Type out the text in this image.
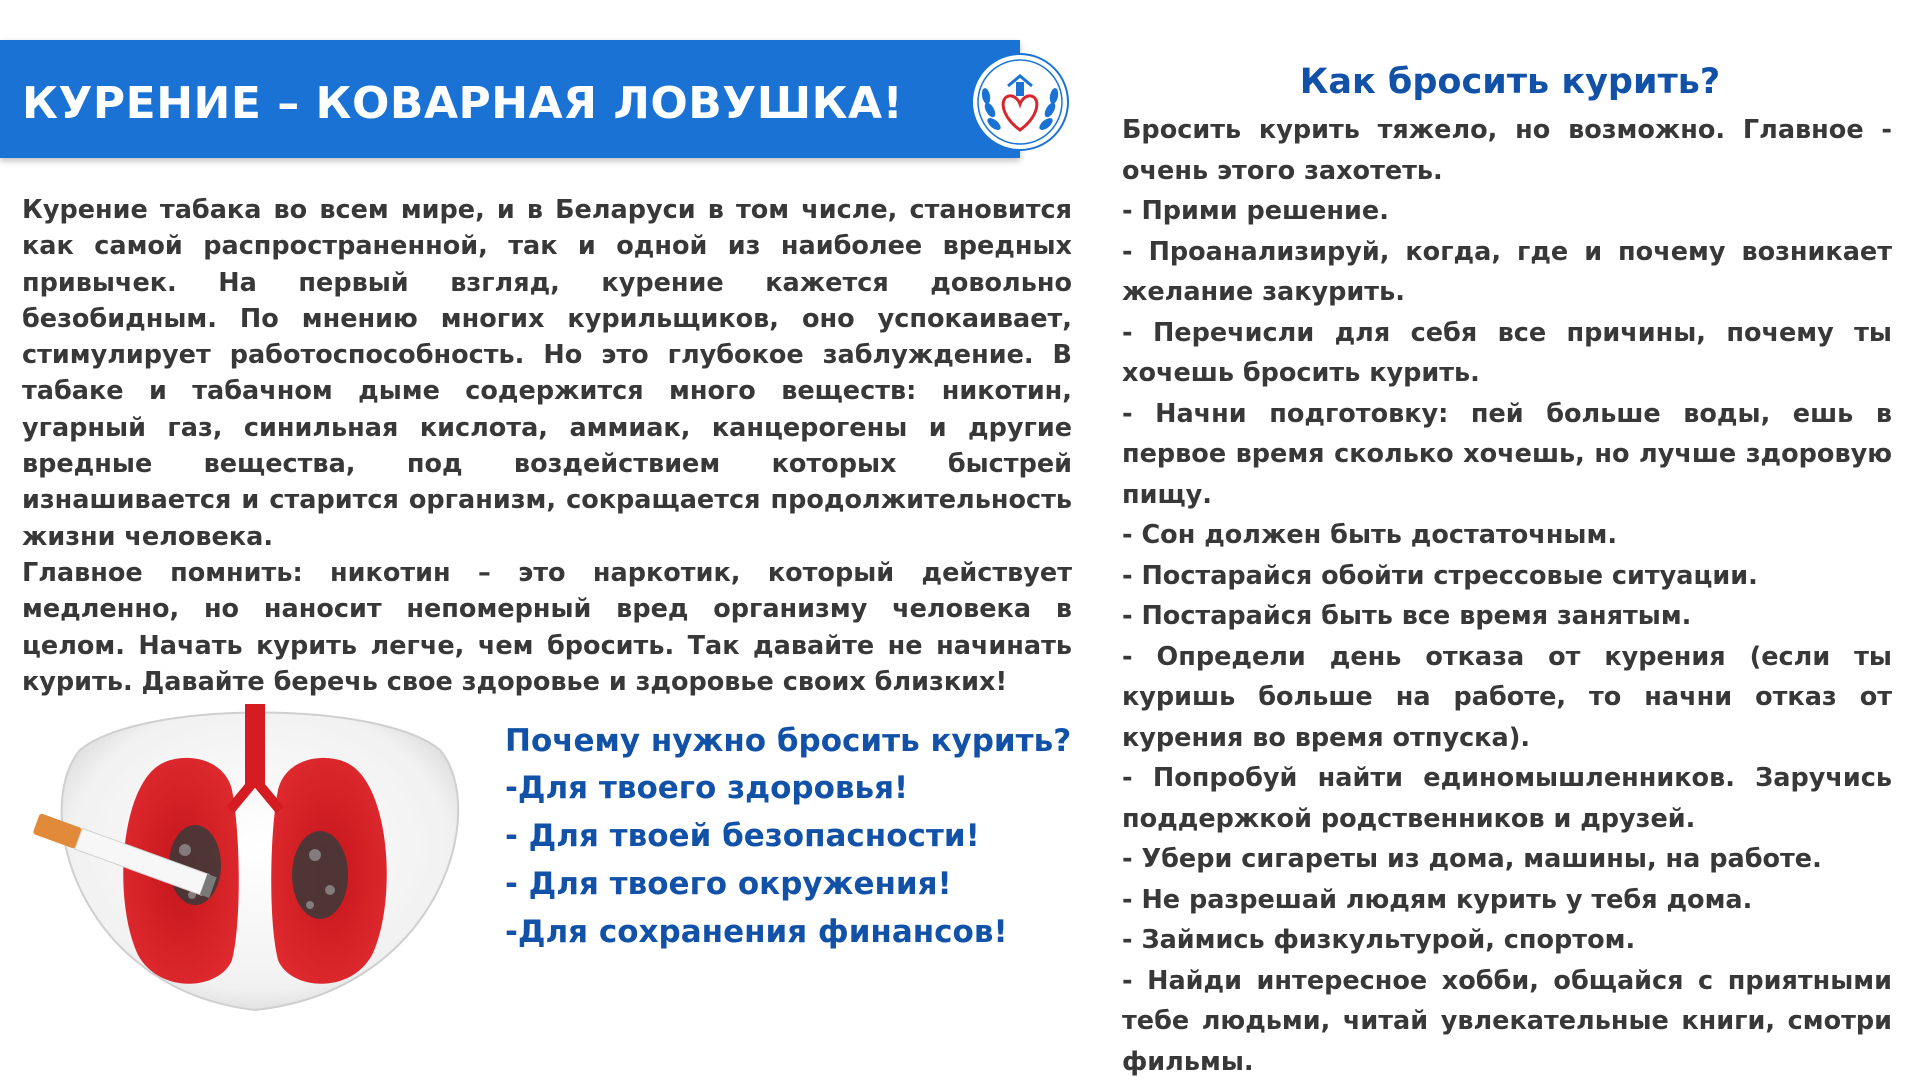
КУРЕНИЕ – КОВАРНАЯ ЛОВУШКА!

Курение табака во всем мире, и в Беларуси в том числе, становится как самой распространенной, так и одной из наиболее вредных привычек. На первый взгляд, курение кажется довольно безобидным. По мнению многих курильщиков, оно успокаивает, стимулирует работоспособность. Но это глубокое заблуждение. В табаке и табачном дыме содержится много веществ: никотин, угарный газ, синильная кислота, аммиак, канцерогены и другие вредные вещества, под воздействием которых быстрей изнашивается и старится организм, сокращается продолжительность жизни человека.

Главное помнить: никотин – это наркотик, который действует медленно, но наносит непомерный вред организму человека в целом. Начать курить легче, чем бросить. Так давайте не начинать курить. Давайте беречь свое здоровье и здоровье своих близких!

Почему нужно бросить курить?
-Для твоего здоровья!
- Для твоей безопасности!
- Для твоего окружения!
-Для сохранения финансов!
Как бросить курить?

Бросить курить тяжело, но возможно. Главное - очень этого захотеть.

- Прими решение.

- Проанализируй, когда, где и почему возникает желание закурить.

- Перечисли для себя все причины, почему ты хочешь бросить курить.

- Начни подготовку: пей больше воды, ешь в первое время сколько хочешь, но лучше здоровую пищу.

- Сон должен быть достаточным.

- Постарайся обойти стрессовые ситуации.

- Постарайся быть все время занятым.

- Определи день отказа от курения (если ты куришь больше на работе, то начни отказ от курения во время отпуска).

- Попробуй найти единомышленников. Заручись поддержкой родственников и друзей.

- Убери сигареты из дома, машины, на работе.

- Не разрешай людям курить у тебя дома.

- Займись физкультурой, спортом.

- Найди интересное хобби, общайся с приятными тебе людьми, читай увлекательные книги, смотри фильмы.
